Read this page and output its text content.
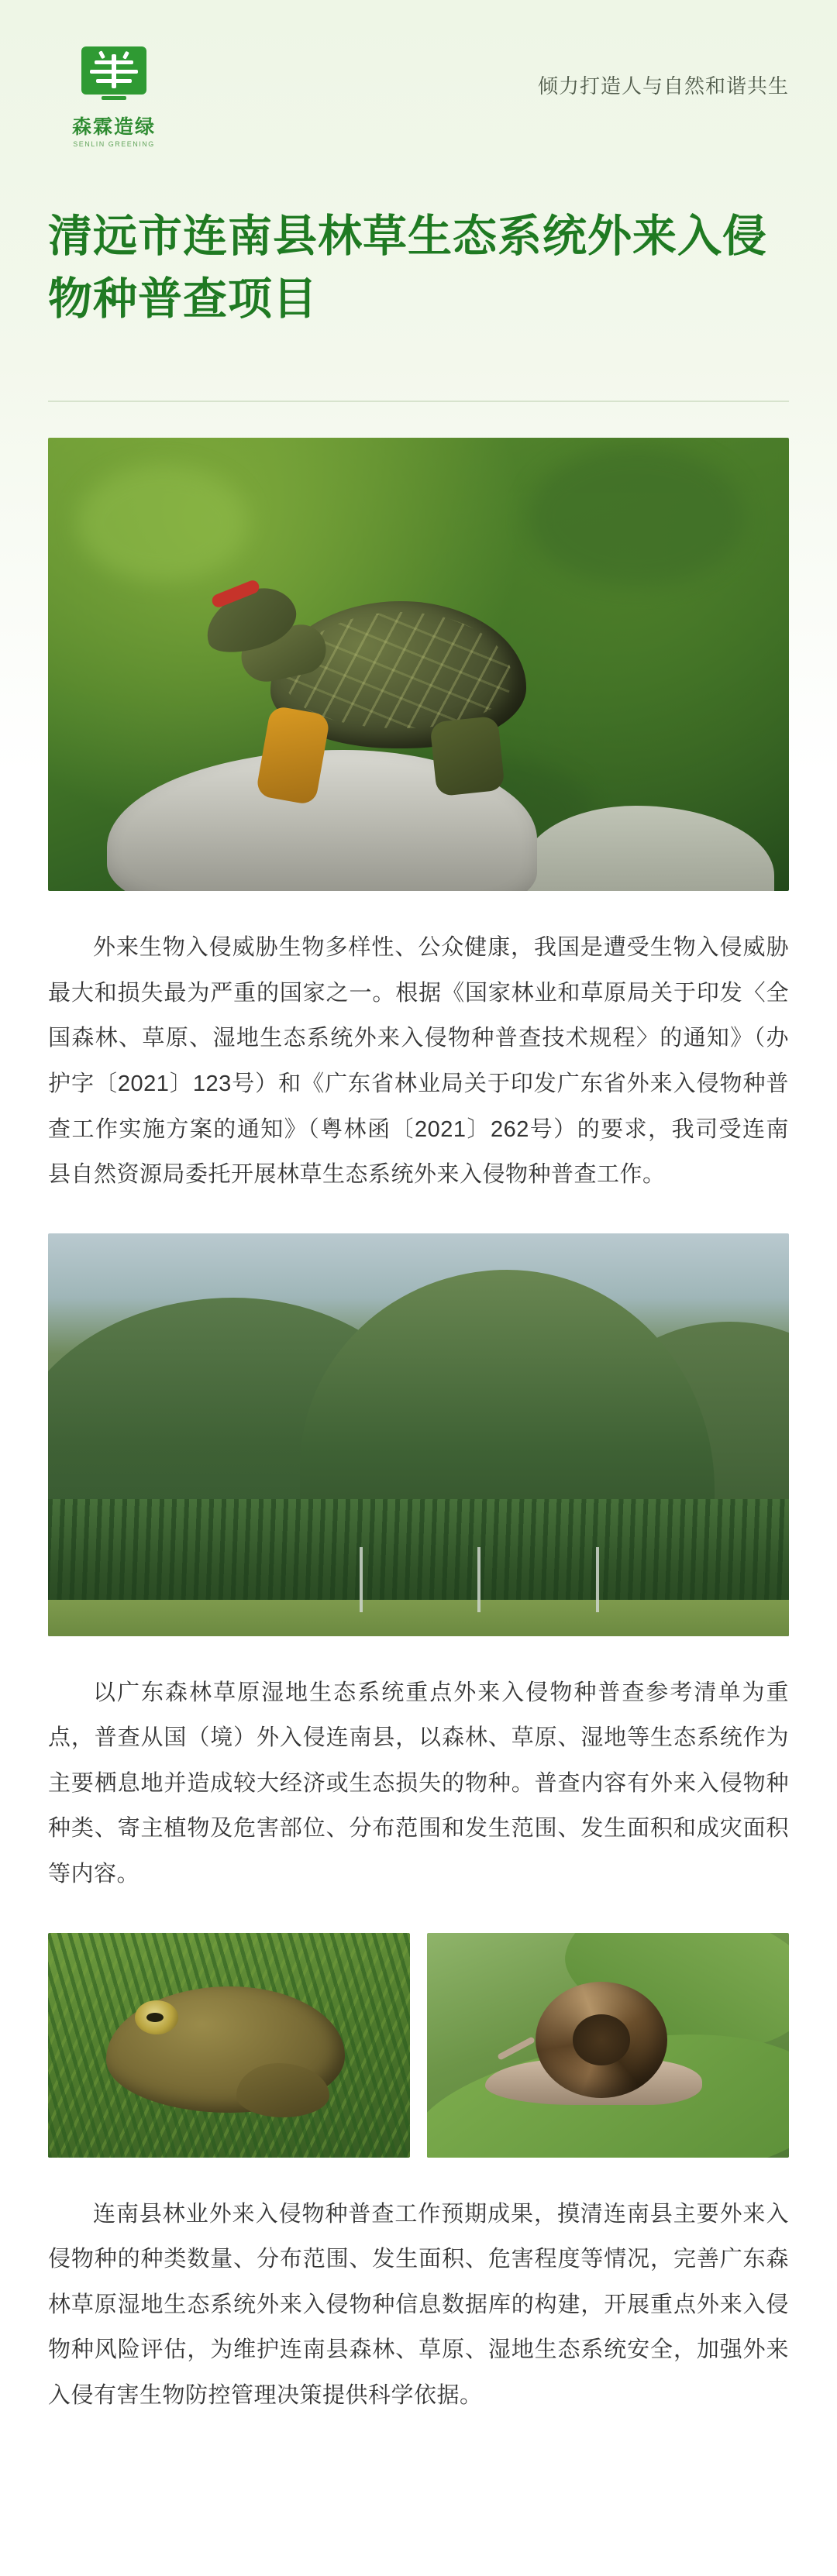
森霖造绿
SENLIN GREENING
倾力打造人与自然和谐共生
清远市连南县林草生态系统外来入侵物种普查项目

外来生物入侵威胁生物多样性、公众健康，我国是遭受生物入侵威胁最大和损失最为严重的国家之一。根据《国家林业和草原局关于印发〈全国森林、草原、湿地生态系统外来入侵物种普查技术规程〉的通知》（办护字〔2021〕123号）和《广东省林业局关于印发广东省外来入侵物种普查工作实施方案的通知》（粤林函〔2021〕262号）的要求，我司受连南县自然资源局委托开展林草生态系统外来入侵物种普查工作。

以广东森林草原湿地生态系统重点外来入侵物种普查参考清单为重点，普查从国（境）外入侵连南县，以森林、草原、湿地等生态系统作为主要栖息地并造成较大经济或生态损失的物种。普查内容有外来入侵物种种类、寄主植物及危害部位、分布范围和发生范围、发生面积和成灾面积等内容。

连南县林业外来入侵物种普查工作预期成果，摸清连南县主要外来入侵物种的种类数量、分布范围、发生面积、危害程度等情况，完善广东森林草原湿地生态系统外来入侵物种信息数据库的构建，开展重点外来入侵物种风险评估，为维护连南县森林、草原、湿地生态系统安全，加强外来入侵有害生物防控管理决策提供科学依据。
